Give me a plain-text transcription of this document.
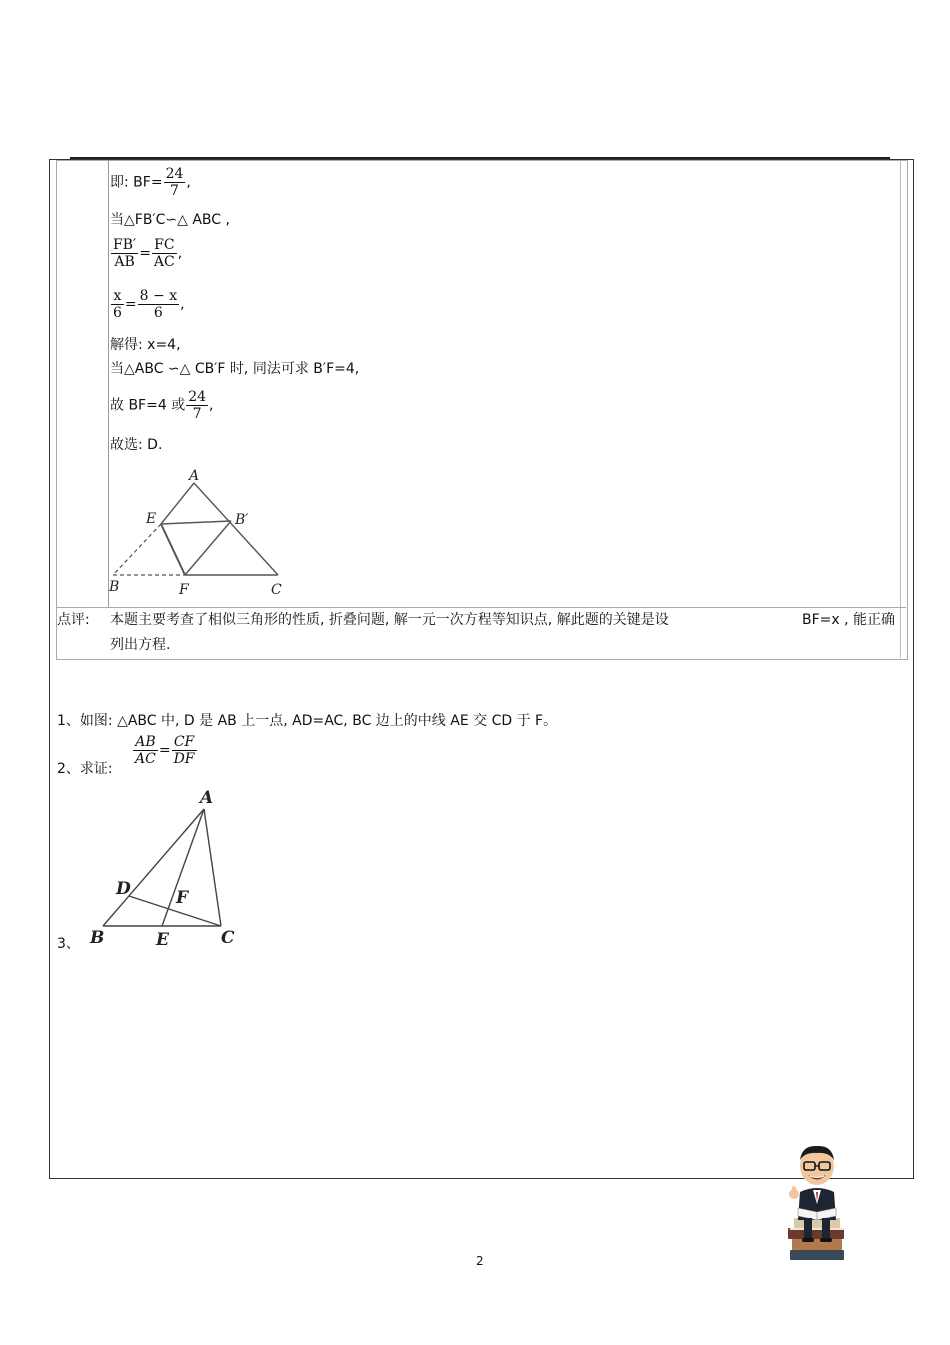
即: $BF= \frac{24}{7}$ ,
当△FB′C∽△ ABC ,
$\frac{FB'}{AB} = \frac{FC}{AC}$ ,
$\frac{x}{6} = \frac{8 - x}{6}$ ,
解得: x=4,
当△ABC ∽△ CB′F 时, 同法可求 B′F=4,
故 BF=4 或 $\frac{24}{7}$ ,
故选: D.
A
E	B′
B	F	C
点评: 本题主要考查了相似三角形的性质, 折叠问题, 解一元一次方程等知识点, 解此题的关键是设	BF=x , 能正确
列出方程.
1、如图: △ABC 中, D 是 AB 上一点, AD=AC, BC 边上的中线 AE 交 CD 于 F。
2、求证:
$\frac{AB}{AC} = \frac{CF}{DF}$
3、
A
D	F
B	E	C
2
